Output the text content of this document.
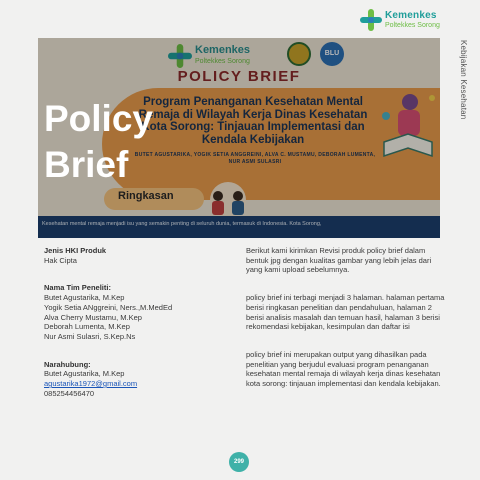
Kemenkes
Poltekkes Sorong
Kebijakan Kesehatan
Kemenkes
Poltekkes Sorong
BLU
POLICY BRIEF
Program Penanganan Kesehatan Mental Remaja di Wilayah Kerja Dinas Kesehatan Kota Sorong: Tinjauan Implementasi dan Kendala Kebijakan
BUTET AGUSTARIKA, YOGIK SETIA ANGGREINI, ALVA C. MUSTAMU, DEBORAH LUMENTA, NUR ASMI SULASRI
Ringkasan
Kesehatan mental remaja menjadi isu yang semakin penting di seluruh dunia, termasuk di Indonesia. Kota Sorong,
Policy
Brief

Jenis HKI Produk

Hak Cipta

Nama Tim Peneliti:

Butet Agustarika, M.Kep

Yogik Setia ANggreini, Ners.,M.MedEd

Alva Cherry Mustamu, M.Kep

Deborah Lumenta, M.Kep

Nur Asmi Sulasri, S.Kep.Ns

Narahubung:

Butet Agustarika, M.Kep

agustarika1972@gmail.com

085254456470

Berikut kami kirimkan Revisi produk policy brief dalam bentuk jpg dengan kualitas gambar yang lebih jelas dari yang kami upload sebelumnya.

policy brief ini terbagi menjadi 3 halaman. halaman pertama berisi ringkasan penelitian dan pendahuluan, halaman 2 berisi analisis masalah dan temuan hasil, halaman 3 berisi rekomendasi kebijakan, kesimpulan dan daftar isi

policy brief ini merupakan output yang dihasilkan pada penelitian yang berjudul evaluasi program penanganan kesehatan mental remaja di wilayah kerja dinas kesehatan kota sorong: tinjauan implementasi dan kendala kebijakan.

299
